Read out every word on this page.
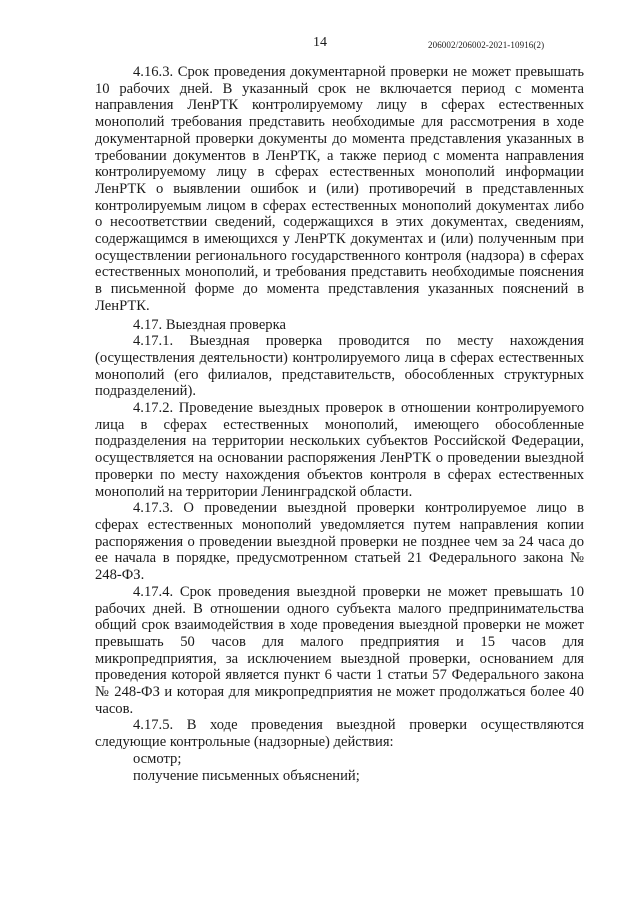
14	206002/206002-2021-10916(2)

4.16.3. Срок проведения документарной проверки не может превышать 10 рабочих дней. В указанный срок не включается период с момента направления ЛенРТК контролируемому лицу в сферах естественных монополий требования представить необходимые для рассмотрения в ходе документарной проверки документы до момента представления указанных в требовании документов в ЛенРТК, а также период с момента направления контролируемому лицу в сферах естественных монополий информации ЛенРТК о выявлении ошибок и (или) противоречий в представленных контролируемым лицом в сферах естественных монополий документах либо о несоответствии сведений, содержащихся в этих документах, сведениям, содержащимся в имеющихся у ЛенРТК документах и (или) полученным при осуществлении регионального государственного контроля (надзора) в сферах естественных монополий, и требования представить необходимые пояснения в письменной форме до момента представления указанных пояснений в ЛенРТК.

4.17. Выездная проверка

4.17.1. Выездная проверка проводится по месту нахождения (осуществления деятельности) контролируемого лица в сферах естественных монополий (его филиалов, представительств, обособленных структурных подразделений).

4.17.2. Проведение выездных проверок в отношении контролируемого лица в сферах естественных монополий, имеющего обособленные подразделения на территории нескольких субъектов Российской Федерации, осуществляется на основании распоряжения ЛенРТК о проведении выездной проверки по месту нахождения объектов контроля в сферах естественных монополий на территории Ленинградской области.

4.17.3. О проведении выездной проверки контролируемое лицо в сферах естественных монополий уведомляется путем направления копии распоряжения о проведении выездной проверки не позднее чем за 24 часа до ее начала в порядке, предусмотренном статьей 21 Федерального закона № 248-ФЗ.

4.17.4. Срок проведения выездной проверки не может превышать 10 рабочих дней. В отношении одного субъекта малого предпринимательства общий срок взаимодействия в ходе проведения выездной проверки не может превышать 50 часов для малого предприятия и 15 часов для микропредприятия, за исключением выездной проверки, основанием для проведения которой является пункт 6 части 1 статьи 57 Федерального закона № 248-ФЗ и которая для микропредприятия не может продолжаться более 40 часов.

4.17.5. В ходе проведения выездной проверки осуществляются следующие контрольные (надзорные) действия:

осмотр;

получение письменных объяснений;
